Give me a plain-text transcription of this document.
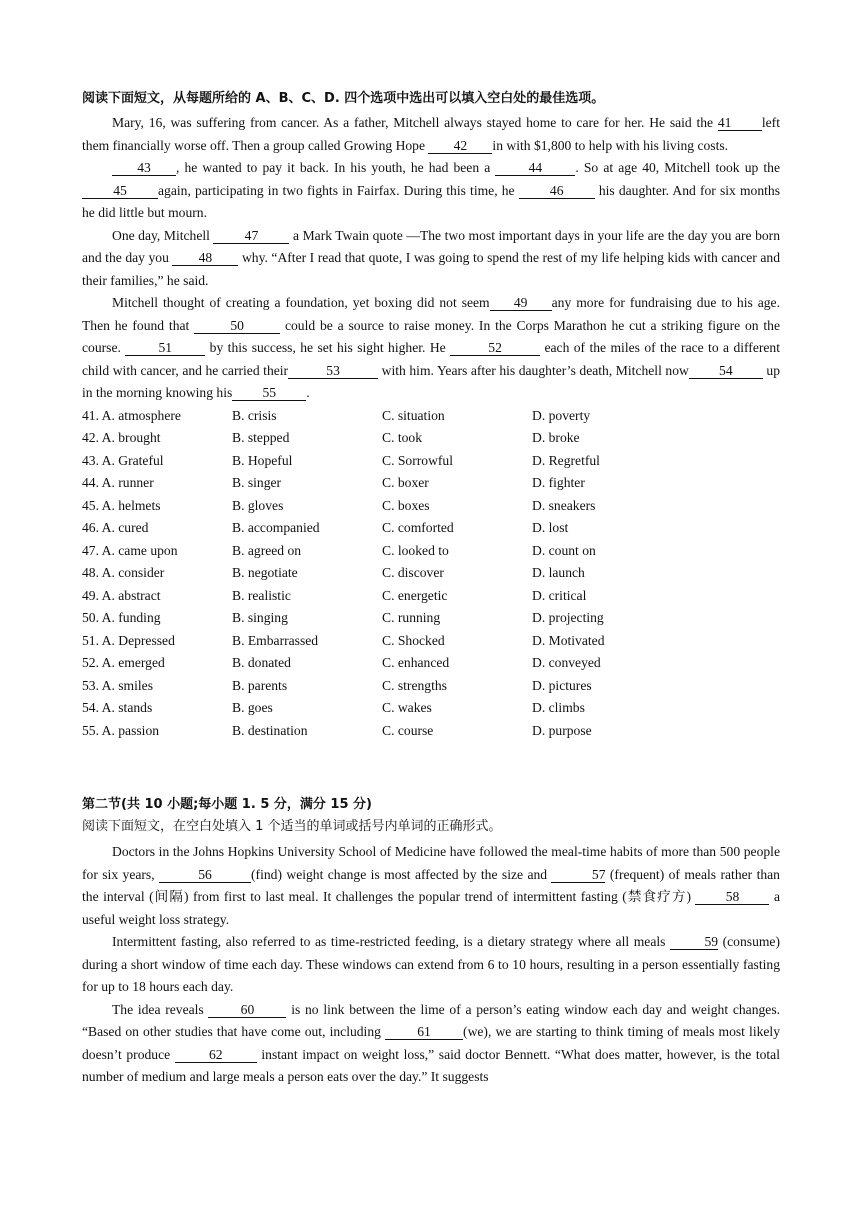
阅读下面短文，从每题所给的 A、B、C、D. 四个选项中选出可以填入空白处的最佳选项。

Mary, 16, was suffering from cancer. As a father, Mitchell always stayed home to care for her. He said the 41 left them financially worse off. Then a group called Growing Hope 42 in with $1,800 to help with his living costs.

43 , he wanted to pay it back. In his youth, he had been a 44 . So at age 40, Mitchell took up the 45 again, participating in two fights in Fairfax. During this time, he 46 his daughter. And for six months he did little but mourn.

One day, Mitchell 47 a Mark Twain quote —The two most important days in your life are the day you are born and the day you 48 why. “After I read that quote, I was going to spend the rest of my life helping kids with cancer and their families,” he said.

Mitchell thought of creating a foundation, yet boxing did not seem 49 any more for fundraising due to his age. Then he found that	50	could be a source to raise money. In the Corps Marathon he cut a striking figure on the course. 51 by this success, he set his sight higher. He	52	each of the miles of the race to a different child with cancer, and he carried their	53	with him. Years after his daughter’s death, Mitchell now 54 up in the morning knowing his 55 .

41. A. atmosphere	B. crisis	C. situation	D. poverty
42. A. brought	B. stepped	C. took	D. broke
43. A. Grateful	B. Hopeful	C. Sorrowful	D. Regretful
44. A. runner	B. singer	C. boxer	D. fighter
45. A. helmets	B. gloves	C. boxes	D. sneakers
46. A. cured	B. accompanied	C. comforted	D. lost
47. A. came upon	B. agreed on	C. looked to	D. count on
48. A. consider	B. negotiate	C. discover	D. launch
49. A. abstract	B. realistic	C. energetic	D. critical
50. A. funding	B. singing	C. running	D. projecting
51. A. Depressed	B. Embarrassed	C. Shocked	D. Motivated
52. A. emerged	B. donated	C. enhanced	D. conveyed
53. A. smiles	B. parents	C. strengths	D. pictures
54. A. stands	B. goes	C. wakes	D. climbs
55. A. passion	B. destination	C. course	D. purpose
第二节(共 10 小题;每小题 1. 5 分，满分 15 分)
阅读下面短文，在空白处填入 1 个适当的单词或括号内单词的正确形式。

Doctors in the Johns Hopkins University School of Medicine have followed the meal-time habits of more than 500 people for six years,	56	(find) weight change is most affected by the size and	57 (frequent) of meals rather than the interval (间隔) from first to last meal. It challenges the popular trend of intermittent fasting (禁食疗方) 58 a useful weight loss strategy.

Intermittent fasting, also referred to as time-restricted feeding, is a dietary strategy where all meals	59 (consume) during a short window of time each day. These windows can extend from 6 to 10 hours, resulting in a person essentially fasting for up to 18 hours each day.

The idea reveals 60 is no link between the lime of a person’s eating window each day and weight changes. “Based on other studies that have come out, including 61 (we), we are starting to think timing of meals most likely doesn’t produce	62	instant impact on weight loss,” said doctor Bennett. “What does matter, however, is the total number of medium and large meals a person eats over the day.” It suggests
